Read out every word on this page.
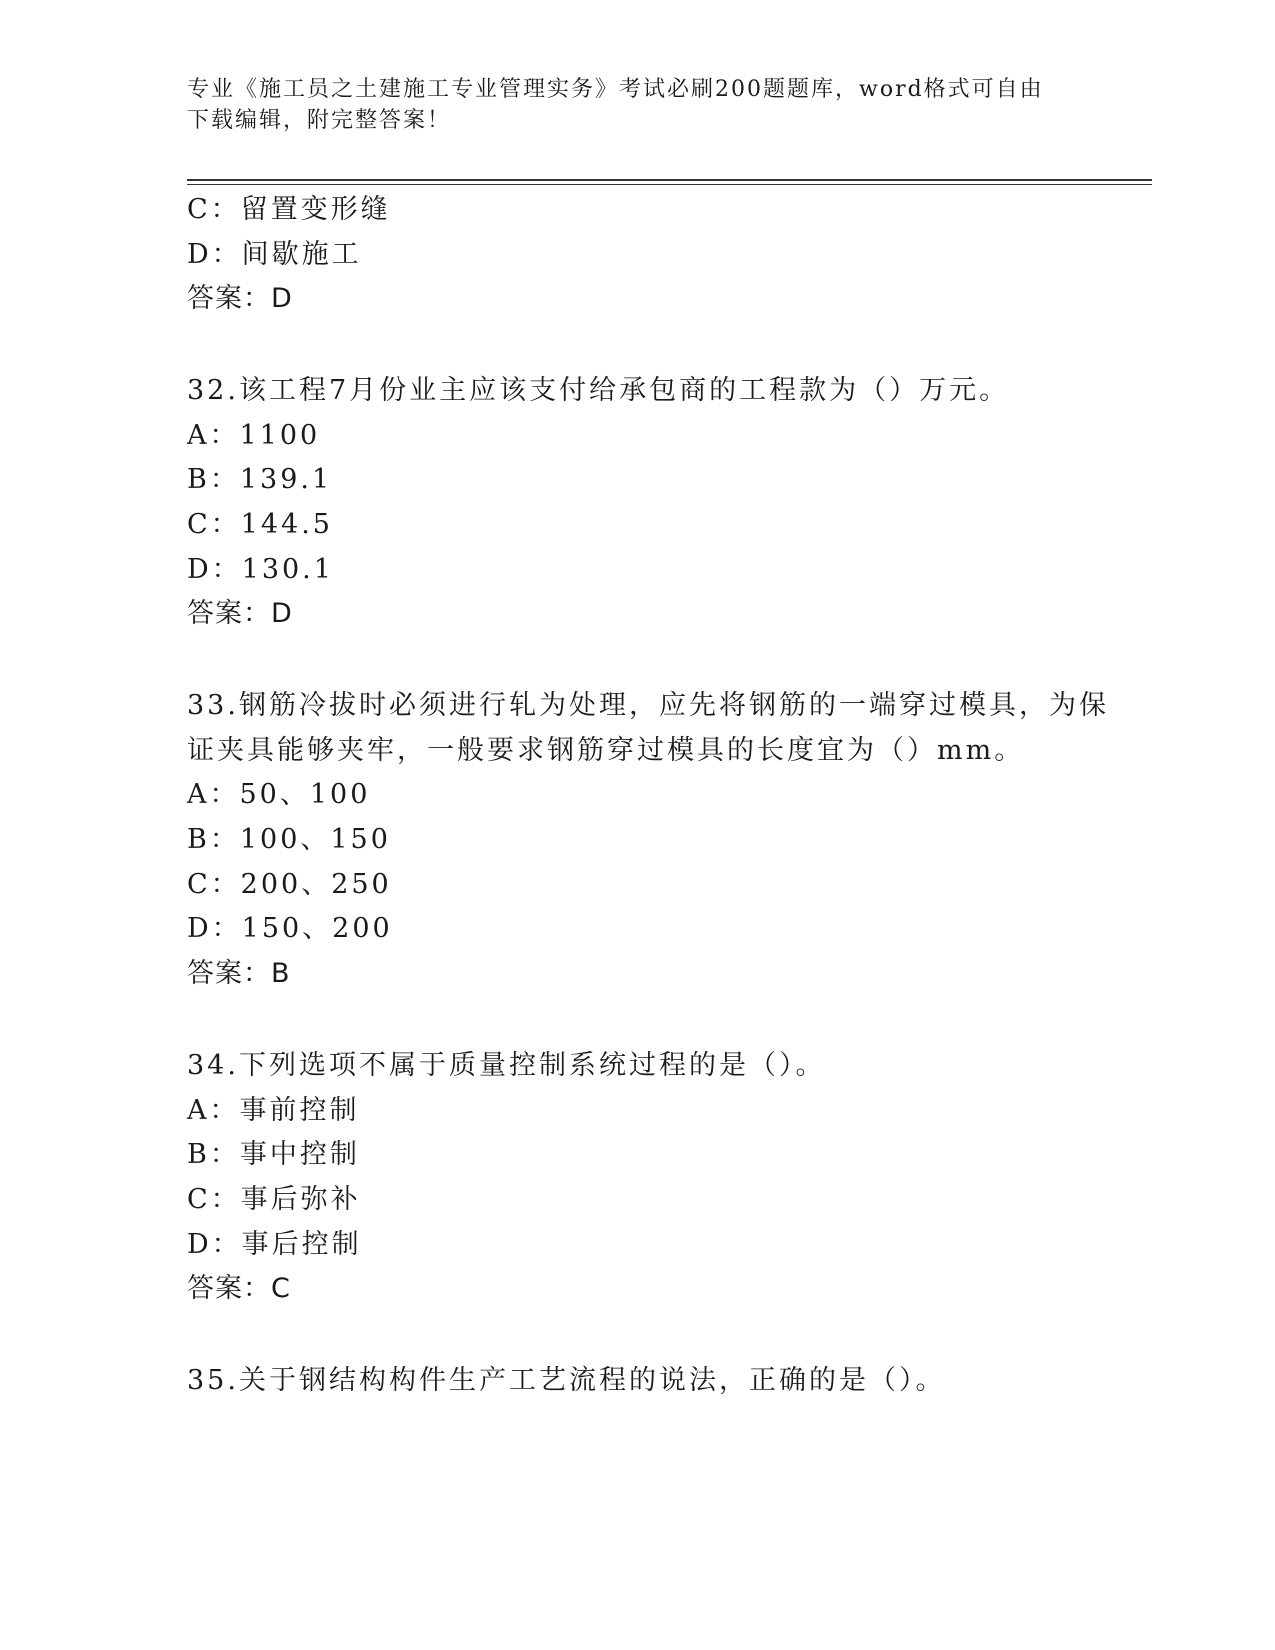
专业《施工员之土建施工专业管理实务》考试必刷200题题库，word格式可自由
下载编辑，附完整答案！
C：留置变形缝
D：间歇施工
答案：D
32.该工程7月份业主应该支付给承包商的工程款为（）万元。
A：1100
B：139.1
C：144.5
D：130.1
答案：D
33.钢筋冷拔时必须进行轧为处理，应先将钢筋的一端穿过模具，为保
证夹具能够夹牢，一般要求钢筋穿过模具的长度宜为（）mm。
A：50、100
B：100、150
C：200、250
D：150、200
答案：B
34.下列选项不属于质量控制系统过程的是（）。
A：事前控制
B：事中控制
C：事后弥补
D：事后控制
答案：C
35.关于钢结构构件生产工艺流程的说法，正确的是（）。
